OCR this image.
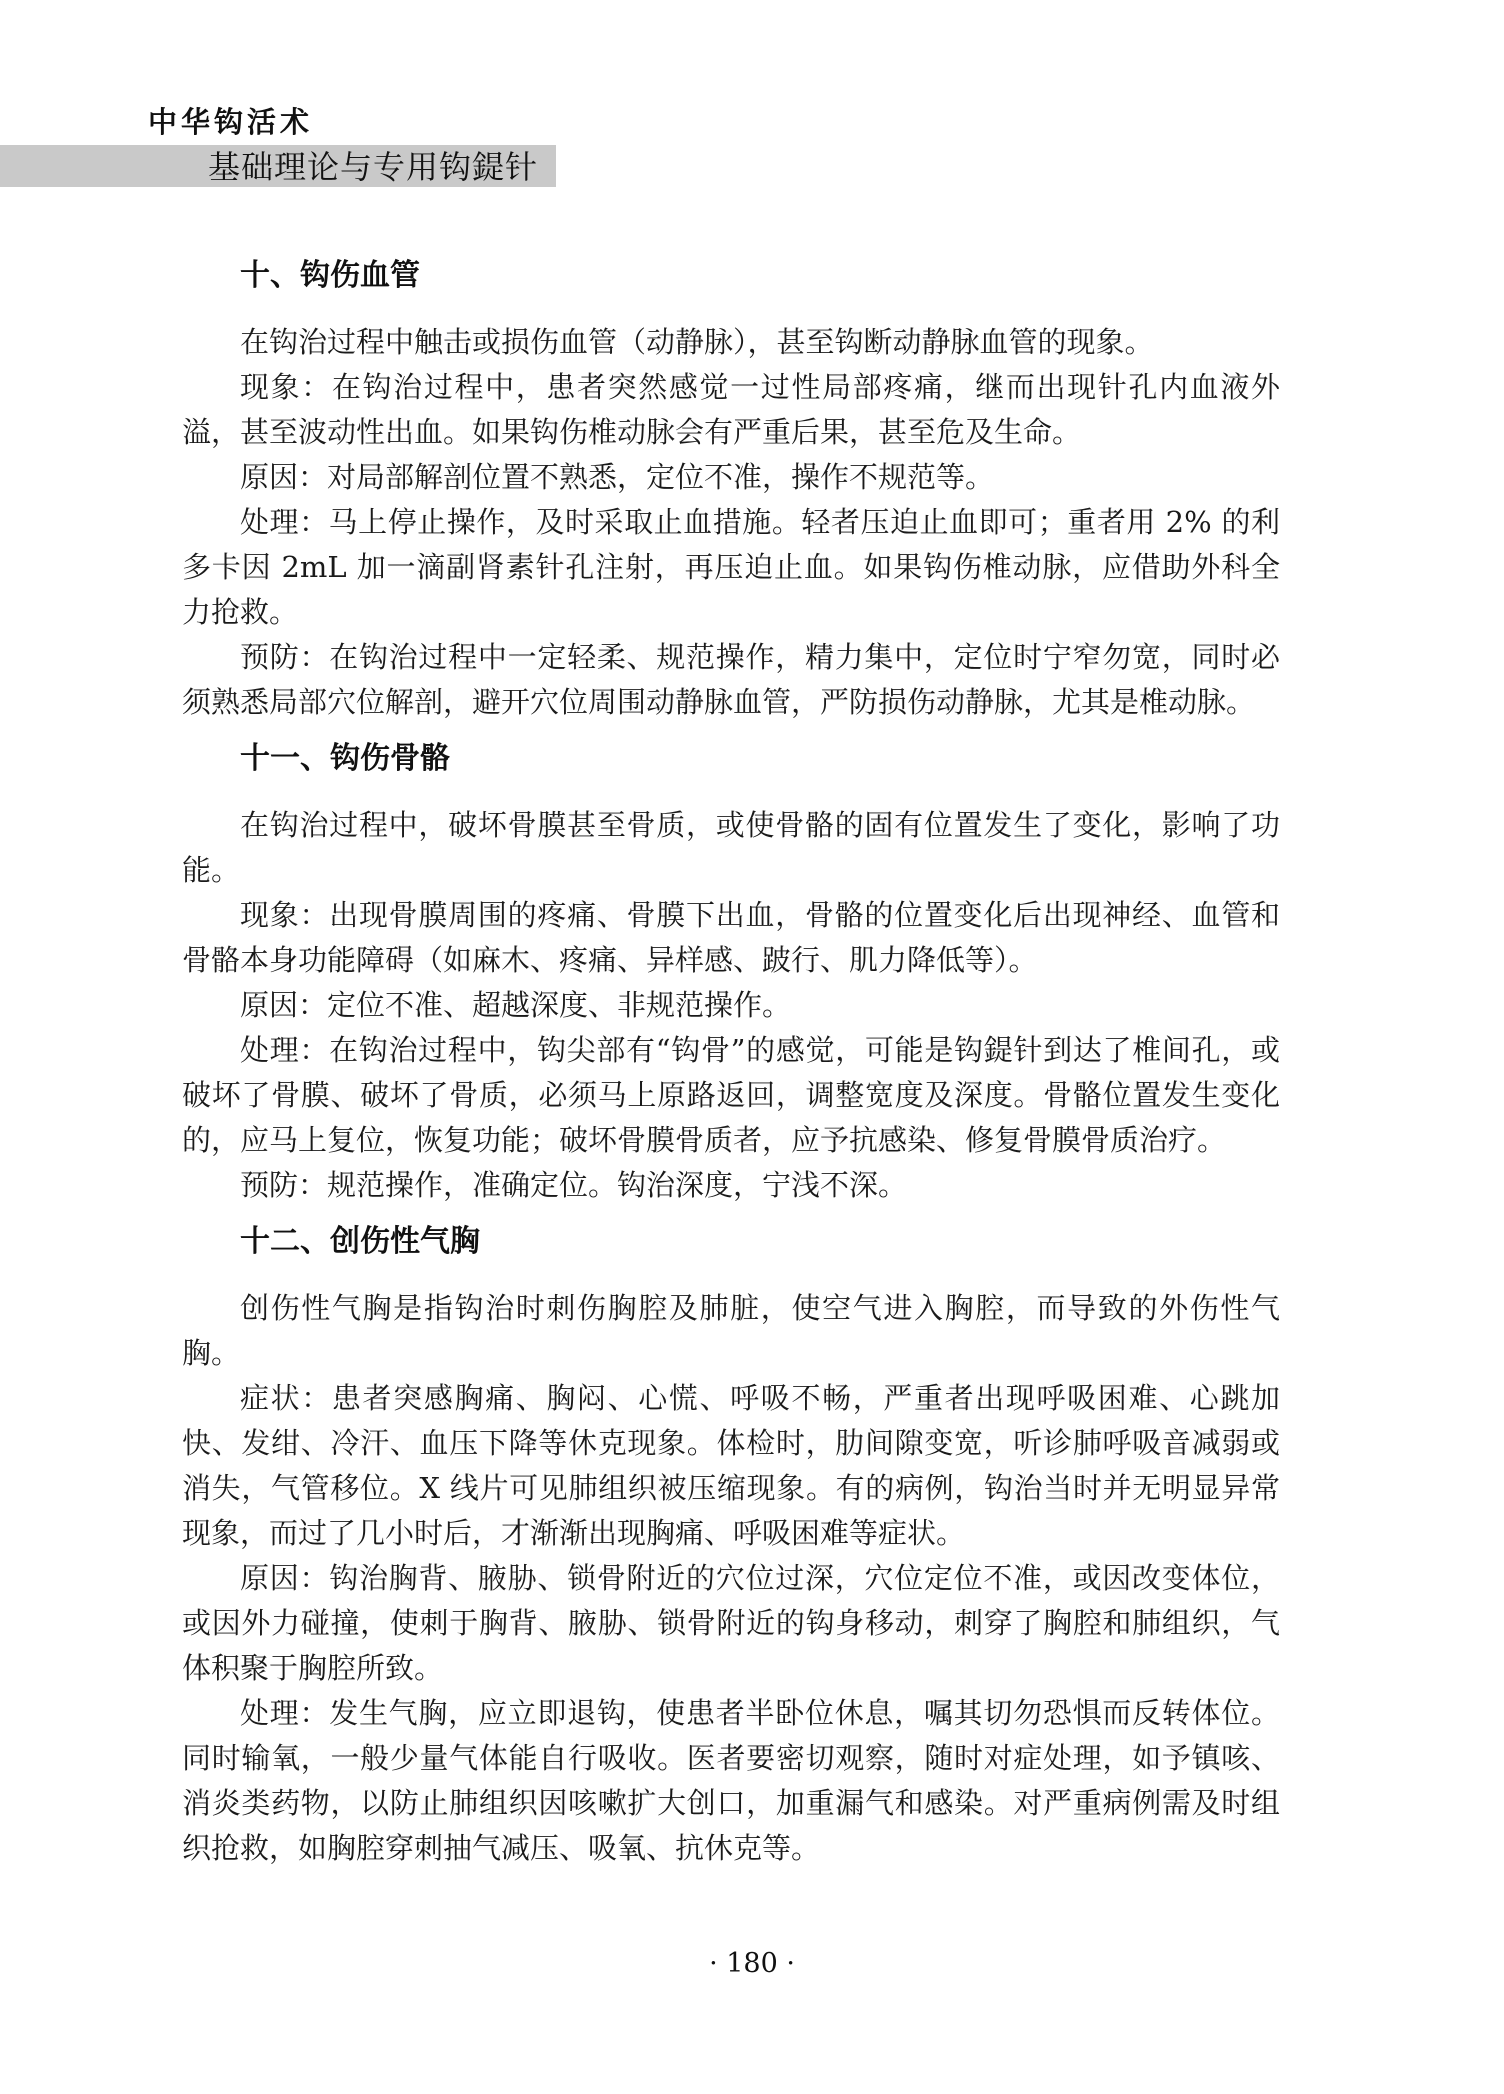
中华钩活术
基础理论与专用钩鍉针
十、钩伤血管

在钩治过程中触击或损伤血管（动静脉），甚至钩断动静脉血管的现象。

现象：在钩治过程中，患者突然感觉一过性局部疼痛，继而出现针孔内血液外溢，甚至波动性出血。如果钩伤椎动脉会有严重后果，甚至危及生命。

原因：对局部解剖位置不熟悉，定位不准，操作不规范等。

处理：马上停止操作，及时采取止血措施。轻者压迫止血即可；重者用 2% 的利多卡因 2mL 加一滴副肾素针孔注射，再压迫止血。如果钩伤椎动脉，应借助外科全力抢救。

预防：在钩治过程中一定轻柔、规范操作，精力集中，定位时宁窄勿宽，同时必须熟悉局部穴位解剖，避开穴位周围动静脉血管，严防损伤动静脉，尤其是椎动脉。

十一、钩伤骨骼

在钩治过程中，破坏骨膜甚至骨质，或使骨骼的固有位置发生了变化，影响了功能。

现象：出现骨膜周围的疼痛、骨膜下出血，骨骼的位置变化后出现神经、血管和骨骼本身功能障碍（如麻木、疼痛、异样感、跛行、肌力降低等）。

原因：定位不准、超越深度、非规范操作。

处理：在钩治过程中，钩尖部有“钩骨”的感觉，可能是钩鍉针到达了椎间孔，或破坏了骨膜、破坏了骨质，必须马上原路返回，调整宽度及深度。骨骼位置发生变化的，应马上复位，恢复功能；破坏骨膜骨质者，应予抗感染、修复骨膜骨质治疗。

预防：规范操作，准确定位。钩治深度，宁浅不深。

十二、创伤性气胸

创伤性气胸是指钩治时刺伤胸腔及肺脏，使空气进入胸腔，而导致的外伤性气胸。

症状：患者突感胸痛、胸闷、心慌、呼吸不畅，严重者出现呼吸困难、心跳加快、发绀、冷汗、血压下降等休克现象。体检时，肋间隙变宽，听诊肺呼吸音减弱或消失，气管移位。X 线片可见肺组织被压缩现象。有的病例，钩治当时并无明显异常现象，而过了几小时后，才渐渐出现胸痛、呼吸困难等症状。

原因：钩治胸背、腋胁、锁骨附近的穴位过深，穴位定位不准，或因改变体位，或因外力碰撞，使刺于胸背、腋胁、锁骨附近的钩身移动，刺穿了胸腔和肺组织，气体积聚于胸腔所致。

处理：发生气胸，应立即退钩，使患者半卧位休息，嘱其切勿恐惧而反转体位。同时输氧，一般少量气体能自行吸收。医者要密切观察，随时对症处理，如予镇咳、消炎类药物，以防止肺组织因咳嗽扩大创口，加重漏气和感染。对严重病例需及时组织抢救，如胸腔穿刺抽气减压、吸氧、抗休克等。

· 180 ·
